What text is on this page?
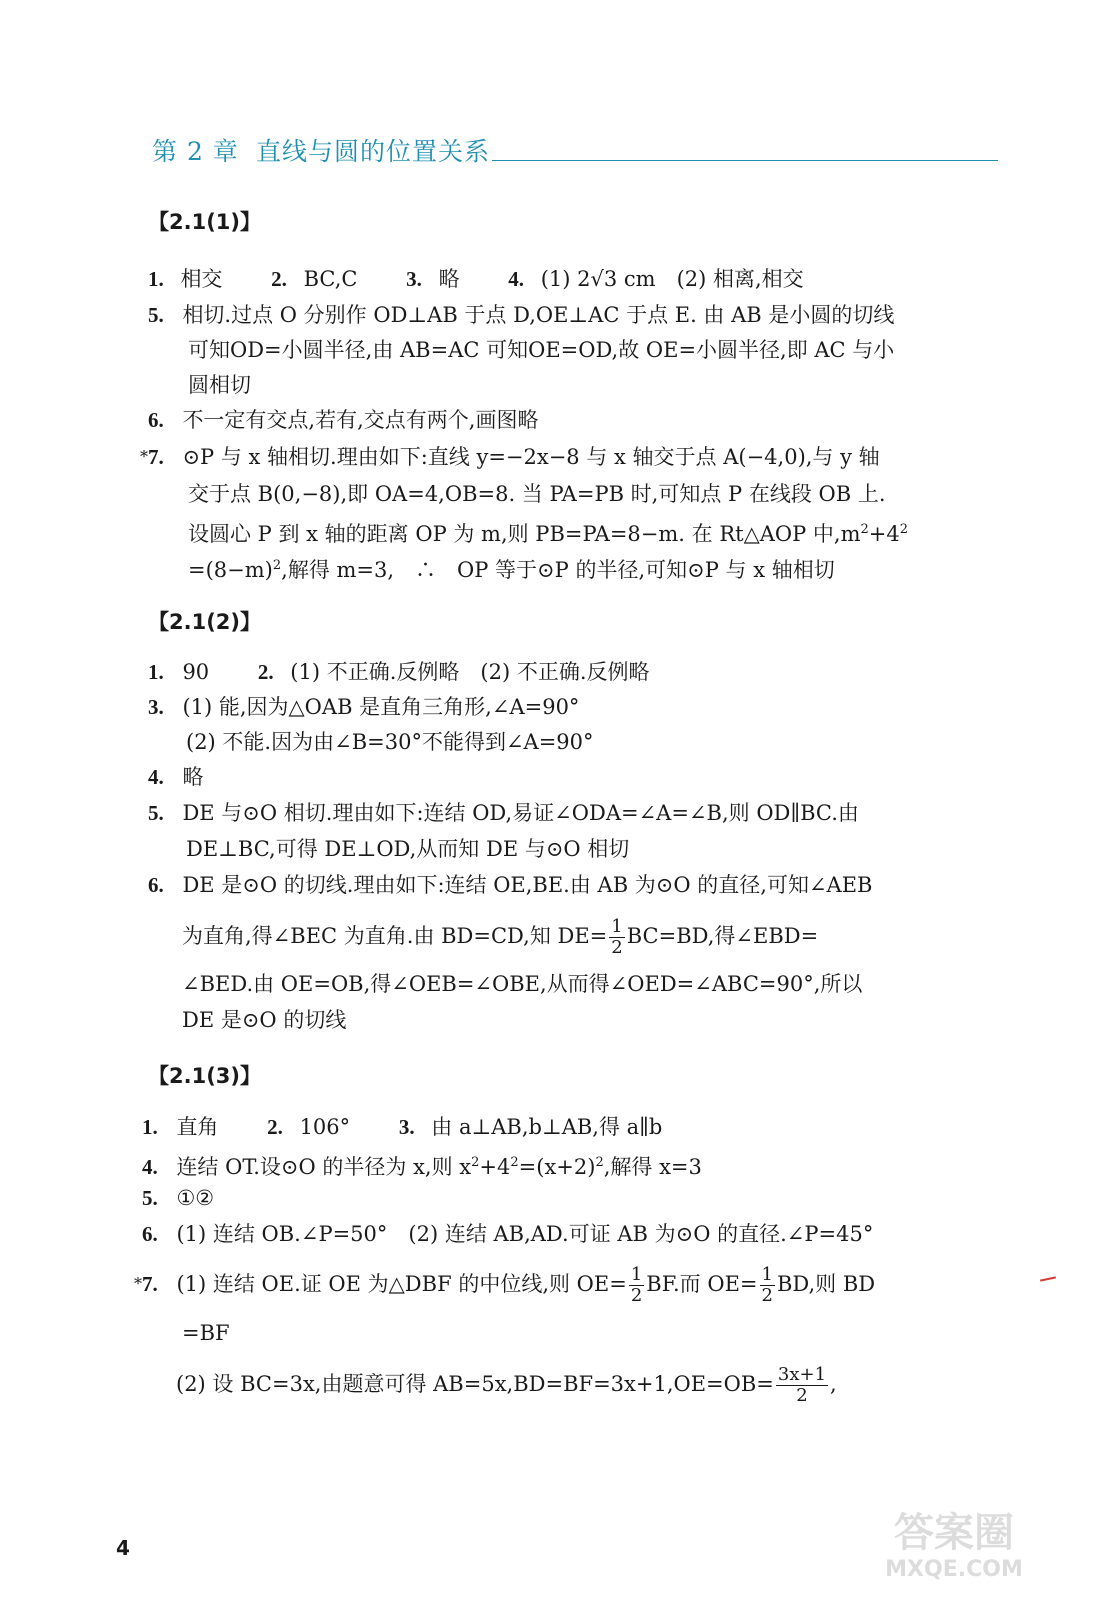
第 2 章 直线与圆的位置关系
【2.1(1)】
1. 相交 2. BC,C 3. 略 4. (1) 2√3 cm　(2) 相离,相交
5. 相切.过点 O 分别作 OD⊥AB 于点 D,OE⊥AC 于点 E. 由 AB 是小圆的切线
可知OD=小圆半径,由 AB=AC 可知OE=OD,故 OE=小圆半径,即 AC 与小
圆相切
6. 不一定有交点,若有,交点有两个,画图略
*7. ⊙P 与 x 轴相切.理由如下:直线 y=−2x−8 与 x 轴交于点 A(−4,0),与 y 轴
交于点 B(0,−8),即 OA=4,OB=8. 当 PA=PB 时,可知点 P 在线段 OB 上.
设圆心 P 到 x 轴的距离 OP 为 m,则 PB=PA=8−m. 在 Rt△AOP 中$,m^2+4^2$
$=(8-m)^2$,解得 m=3,　∴　OP 等于⊙P 的半径,可知⊙P 与 x 轴相切
【2.1(2)】
1. 90 2. (1) 不正确.反例略　(2) 不正确.反例略
3. (1) 能,因为△OAB 是直角三角形,∠A=90°
(2) 不能.因为由∠B=30°不能得到∠A=90°
4. 略
5. DE 与⊙O 相切.理由如下:连结 OD,易证∠ODA=∠A=∠B,则 OD∥BC.由
DE⊥BC,可得 DE⊥OD,从而知 DE 与⊙O 相切
6. DE 是⊙O 的切线.理由如下:连结 OE,BE.由 AB 为⊙O 的直径,可知∠AEB
为直角,得∠BEC 为直角.由 BD=CD,知 $DE= \frac{1}{2} BC=BD$,得∠EBD=
∠BED.由 OE=OB,得∠OEB=∠OBE,从而得∠OED=∠ABC=90°,所以
DE 是⊙O 的切线
【2.1(3)】
1. 直角 2. 106° 3. 由 a⊥AB,b⊥AB,得 a∥b
4. 连结 OT.设⊙O 的半径为 x,则 $x^2+4^2=(x+2)^2$,解得 x=3
5. ①②
6. (1) 连结 OB.∠P=50°　(2) 连结 AB,AD.可证 AB 为⊙O 的直径.∠P=45°
*7. (1) 连结 OE.证 OE 为△DBF 的中位线,则 $OE= \frac{1}{2}$ BF.而 $OE= \frac{1}{2}$ BD,则 BD
=BF
(2) 设 BC=3x,由题意可得 $AB=5x,BD=BF=3x+1,OE=OB= \frac{3x+1}{2}$ ,
4	答案圈
MXQE.COM
